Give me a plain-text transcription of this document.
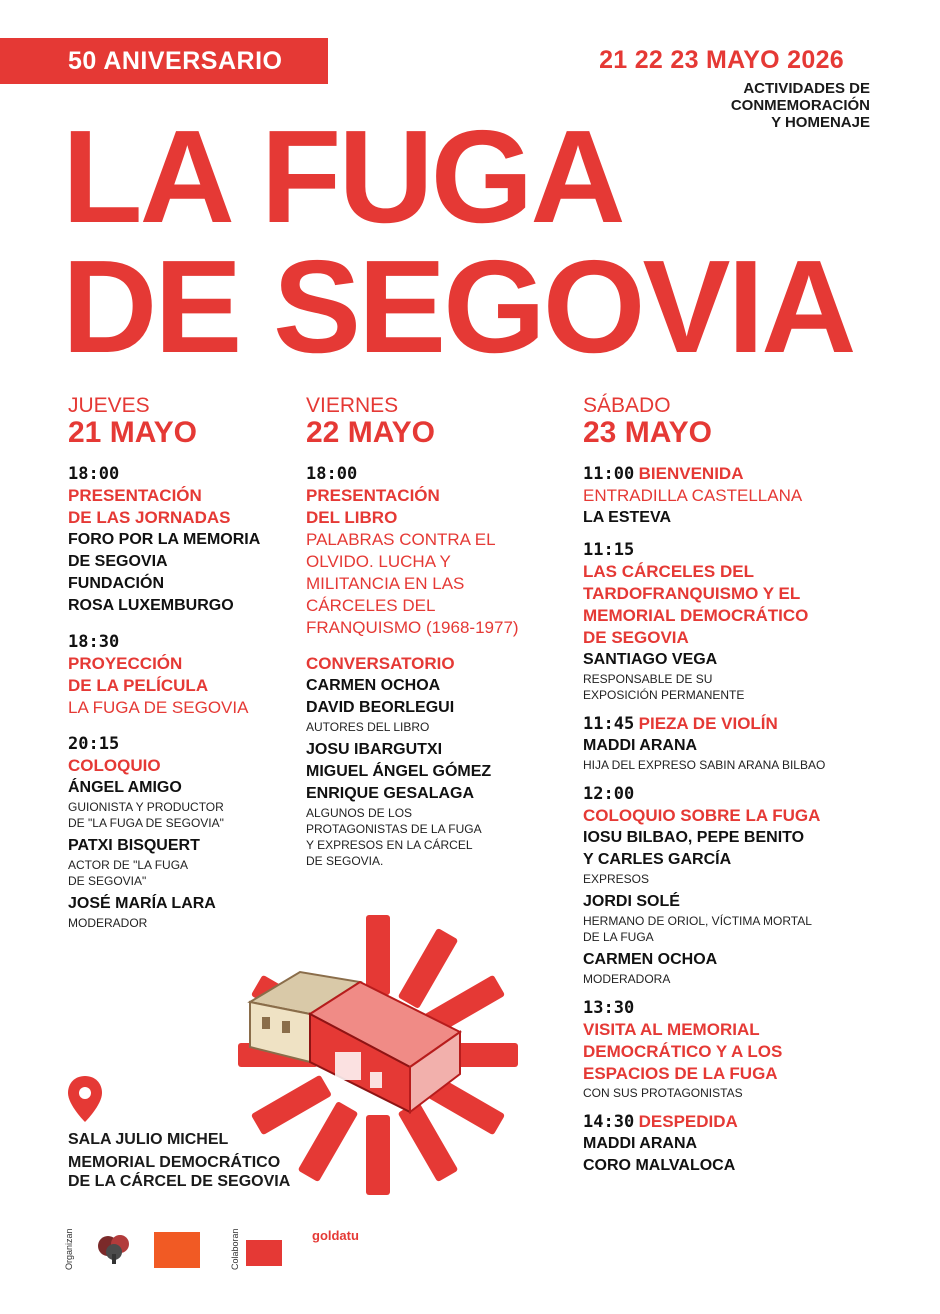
50 ANIVERSARIO	21 22 23 MAYO 2026
ACTIVIDADES DE
CONMEMORACIÓN
Y HOMENAJE
LA FUGA
DE SEGOVIA
JUEVES
21 MAYO
18:00
PRESENTACIÓN
DE LAS JORNADAS
FORO POR LA MEMORIA
DE SEGOVIA
FUNDACIÓN
ROSA LUXEMBURGO
18:30
PROYECCIÓN
DE LA PELÍCULA
LA FUGA DE SEGOVIA
20:15
COLOQUIO
ÁNGEL AMIGO
GUIONISTA Y PRODUCTOR
DE "LA FUGA DE SEGOVIA"
PATXI BISQUERT
ACTOR DE "LA FUGA
DE SEGOVIA"
JOSÉ MARÍA LARA
MODERADOR
VIERNES
22 MAYO
18:00
PRESENTACIÓN
DEL LIBRO
PALABRAS CONTRA EL
OLVIDO. LUCHA Y
MILITANCIA EN LAS
CÁRCELES DEL
FRANQUISMO (1968-1977)
CONVERSATORIO
CARMEN OCHOA
DAVID BEORLEGUI
AUTORES DEL LIBRO
JOSU IBARGUTXI
MIGUEL ÁNGEL GÓMEZ
ENRIQUE GESALAGA
ALGUNOS DE LOS
PROTAGONISTAS DE LA FUGA
Y EXPRESOS EN LA CÁRCEL
DE SEGOVIA.
SÁBADO
23 MAYO
11:00 BIENVENIDA
ENTRADILLA CASTELLANA
LA ESTEVA
11:15
LAS CÁRCELES DEL
TARDOFRANQUISMO Y EL
MEMORIAL DEMOCRÁTICO
DE SEGOVIA
SANTIAGO VEGA
RESPONSABLE DE SU
EXPOSICIÓN PERMANENTE
11:45 PIEZA DE VIOLÍN
MADDI ARANA
HIJA DEL EXPRESO SABIN ARANA BILBAO
12:00
COLOQUIO SOBRE LA FUGA
IOSU BILBAO, PEPE BENITO
Y CARLES GARCÍA
EXPRESOS
JORDI SOLÉ
HERMANO DE ORIOL, VÍCTIMA MORTAL
DE LA FUGA
CARMEN OCHOA
MODERADORA
13:30
VISITA AL MEMORIAL
DEMOCRÁTICO Y A LOS
ESPACIOS DE LA FUGA
CON SUS PROTAGONISTAS
14:30 DESPEDIDA
MADDI ARANA
CORO MALVALOCA
SALA JULIO MICHEL
MEMORIAL DEMOCRÁTICO
DE LA CÁRCEL DE SEGOVIA
Organizan	Colaboran	goldatu
